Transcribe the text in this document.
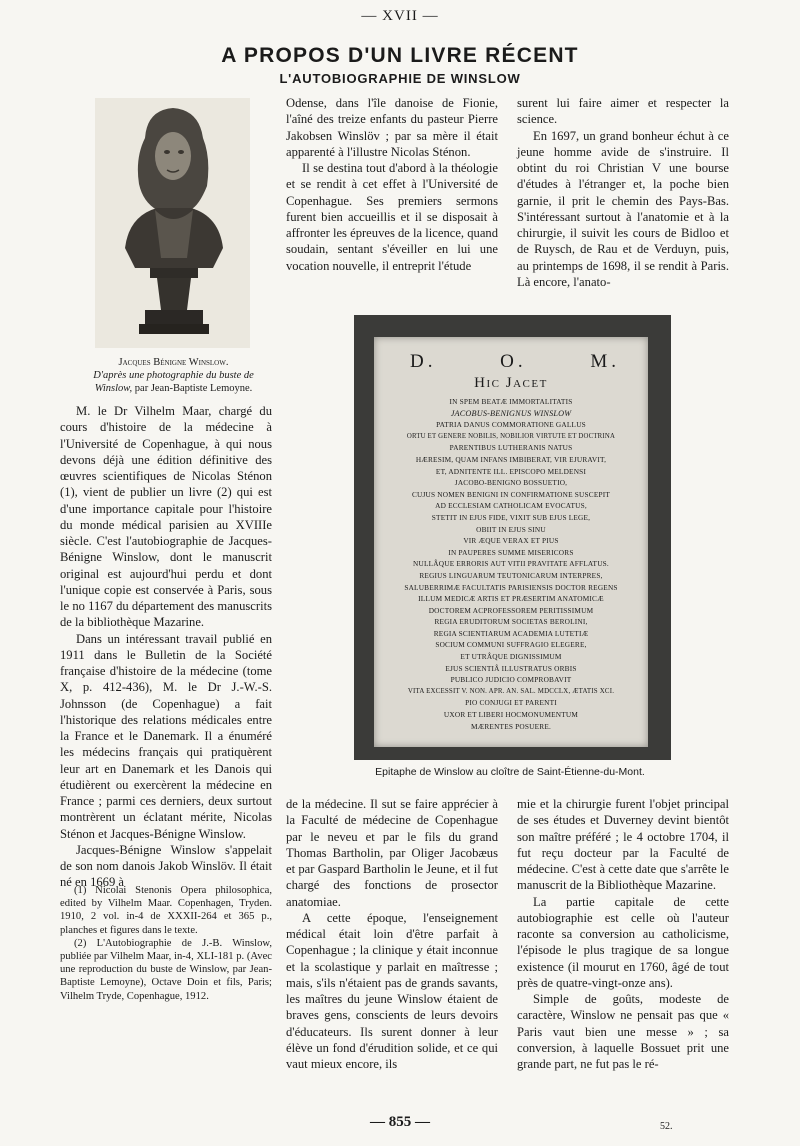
— XVII —
A PROPOS D'UN LIVRE RÉCENT
L'AUTOBIOGRAPHIE DE WINSLOW
Jacques Bénigne Winslow.
D'après une photographie du buste de
Winslow, par Jean-Baptiste Lemoyne.

M. le Dr Vilhelm Maar, chargé du cours d'histoire de la médecine à l'Université de Copenhague, à qui nous devons déjà une édition définitive des œuvres scientifiques de Nicolas Sténon (1), vient de publier un livre (2) qui est d'une importance capitale pour l'histoire du monde médical parisien au XVIIIe siècle. C'est l'autobiographie de Jacques-Bénigne Winslow, dont le manuscrit original est aujourd'hui perdu et dont l'unique copie est conservée à Paris, sous le no 1167 du département des manuscrits de la bibliothèque Mazarine.

Dans un intéressant travail publié en 1911 dans le Bulletin de la Société française d'histoire de la médecine (tome X, p. 412-436), M. le Dr J.-W.-S. Johnsson (de Copenhague) a fait l'historique des relations médicales entre la France et le Danemark. Il a énuméré les médecins français qui pratiquèrent leur art en Danemark et les Danois qui étudièrent ou exercèrent la médecine en France ; parmi ces derniers, deux surtout montrèrent un éclatant mérite, Nicolas Sténon et Jacques-Bénigne Winslow.

Jacques-Bénigne Winslow s'appelait de son nom danois Jakob Winslöv. Il était né en 1669 à

(1) Nicolai Stenonis Opera philosophica, edited by Vilhelm Maar. Copenhagen, Tryden. 1910, 2 vol. in-4 de XXXII-264 et 365 p., planches et figures dans le texte.

(2) L'Autobiographie de J.-B. Winslow, publiée par Vilhelm Maar, in-4, XLI-181 p. (Avec une reproduction du buste de Winslow, par Jean-Baptiste Lemoyne), Octave Doin et fils, Paris; Vilhelm Tryde, Copenhague, 1912.

Odense, dans l'île danoise de Fionie, l'aîné des treize enfants du pasteur Pierre Jakobsen Winslöv ; par sa mère il était apparenté à l'illustre Nicolas Sténon.

Il se destina tout d'abord à la théologie et se rendit à cet effet à l'Université de Copenhague. Ses premiers sermons furent bien accueillis et il se disposait à affronter les épreuves de la licence, quand soudain, sentant s'éveiller en lui une vocation nouvelle, il entreprit l'étude

surent lui faire aimer et respecter la science.

En 1697, un grand bonheur échut à ce jeune homme avide de s'instruire. Il obtint du roi Christian V une bourse d'études à l'étranger et, la poche bien garnie, il prit le chemin des Pays-Bas. S'intéressant surtout à l'anatomie et à la chirurgie, il suivit les cours de Bidloo et de Ruysch, de Rau et de Verduyn, puis, au printemps de 1698, il se rendit à Paris. Là encore, l'anato-

D.	O.	M.
Hic Jacet
IN SPEM BEATÆ IMMORTALITATIS
JACOBUS-BENIGNUS WINSLOW
PATRIA DANUS COMMORATIONE GALLUS
ORTU ET GENERE NOBILIS, NOBILIOR VIRTUTE ET DOCTRINA
PARENTIBUS LUTHERANIS NATUS
HÆRESIM, QUAM INFANS IMBIBERAT, VIR EJURAVIT,
ET, ADNITENTE ILL. EPISCOPO MELDENSI
JACOBO-BENIGNO BOSSUETIO,
CUJUS NOMEN BENIGNI IN CONFIRMATIONE SUSCEPIT
AD ECCLESIAM CATHOLICAM EVOCATUS,
STETIT IN EJUS FIDE, VIXIT SUB EJUS LEGE,
OBIIT IN EJUS SINU
VIR ÆQUE VERAX ET PIUS
IN PAUPERES SUMME MISERICORS
NULLÂQUE ERRORIS AUT VITII PRAVITATE AFFLATUS.
REGIUS LINGUARUM TEUTONICARUM INTERPRES,
SALUBERRIMÆ FACULTATIS PARISIENSIS DOCTOR REGENS
ILLUM MEDICÆ ARTIS ET PRÆSERTIM ANATOMICÆ
DOCTOREM ACPROFESSOREM PERITISSIMUM
REGIA ERUDITORUM SOCIETAS BEROLINI,
REGIA SCIENTIARUM ACADEMIA LUTETIÆ
SOCIUM COMMUNI SUFFRAGIO ELEGERE,
ET UTRÂQUE DIGNISSIMUM
EJUS SCIENTIÂ ILLUSTRATUS ORBIS
PUBLICO JUDICIO COMPROBAVIT
VITA EXCESSIT V. NON. APR. AN. SAL. MDCCLX, ÆTATIS XCI.
PIO CONJUGI ET PARENTI
UXOR ET LIBERI HOCMONUMENTUM
MÆRENTES POSUERE.
Epitaphe de Winslow au cloître de Saint-Étienne-du-Mont.

de la médecine. Il sut se faire apprécier à la Faculté de médecine de Copenhague par le neveu et par le fils du grand Thomas Bartholin, par Oliger Jacobæus et par Gaspard Bartholin le Jeune, et il fut chargé des fonctions de prosector anatomiae.

A cette époque, l'enseignement médical était loin d'être parfait à Copenhague ; la clinique y était inconnue et la scolastique y parlait en maîtresse ; mais, s'ils n'étaient pas de grands savants, les maîtres du jeune Winslow étaient de braves gens, conscients de leurs devoirs d'éducateurs. Ils surent donner à leur élève un fond d'érudition solide, et ce qui vaut mieux encore, ils

mie et la chirurgie furent l'objet principal de ses études et Duverney devint bientôt son maître préféré ; le 4 octobre 1704, il fut reçu docteur par la Faculté de médecine. C'est à cette date que s'arrête le manuscrit de la Bibliothèque Mazarine.

La partie capitale de cette autobiographie est celle où l'auteur raconte sa conversion au catholicisme, l'épisode le plus tragique de sa longue existence (il mourut en 1760, âgé de tout près de quatre-vingt-onze ans).

Simple de goûts, modeste de caractère, Winslow ne pensait pas que « Paris vaut bien une messe » ; sa conversion, à laquelle Bossuet prit une grande part, ne fut pas le ré-

— 855 —	52.
